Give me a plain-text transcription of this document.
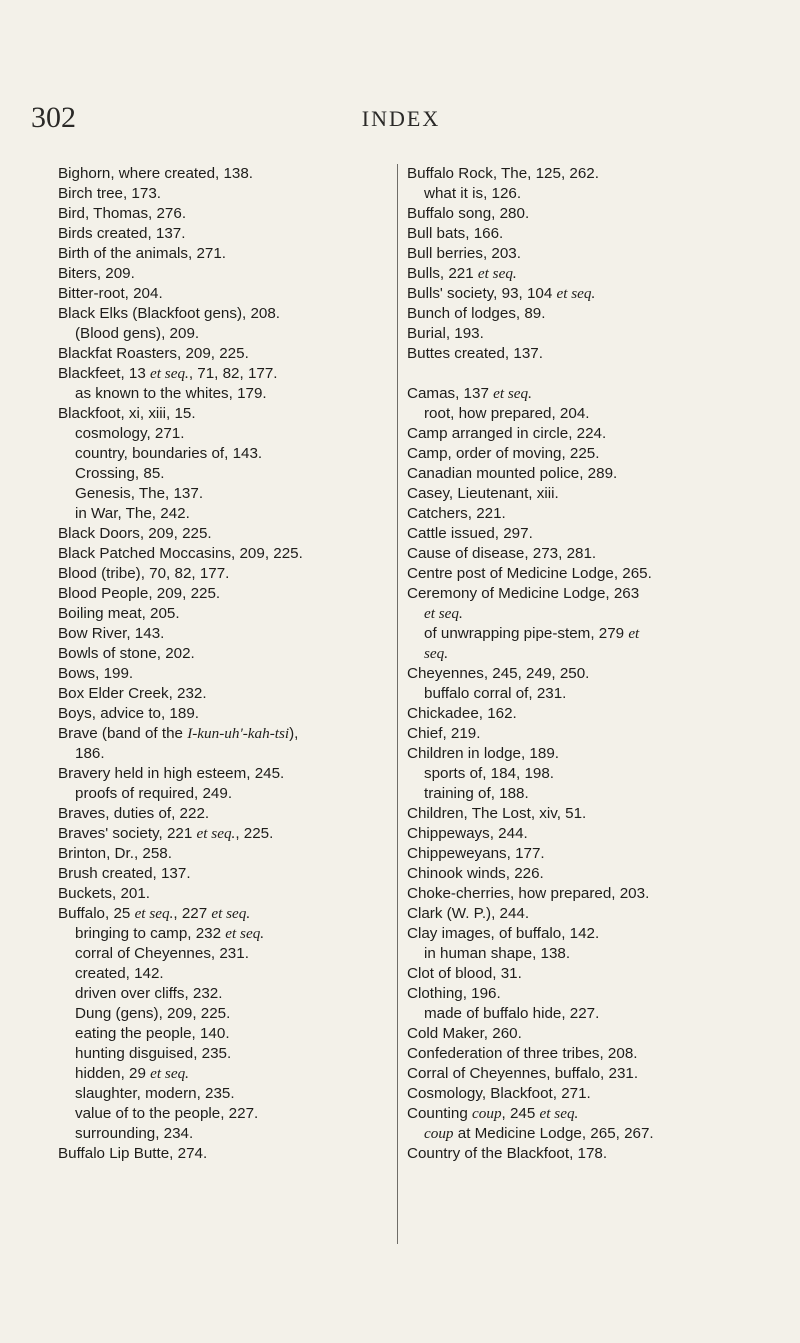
302	INDEX
Bighorn, where created, 138.
Birch tree, 173.
Bird, Thomas, 276.
Birds created, 137.
Birth of the animals, 271.
Biters, 209.
Bitter-root, 204.
Black Elks (Blackfoot gens), 208.
(Blood gens), 209.
Blackfat Roasters, 209, 225.
Blackfeet, 13 et seq., 71, 82, 177.
as known to the whites, 179.
Blackfoot, xi, xiii, 15.
cosmology, 271.
country, boundaries of, 143.
Crossing, 85.
Genesis, The, 137.
in War, The, 242.
Black Doors, 209, 225.
Black Patched Moccasins, 209, 225.
Blood (tribe), 70, 82, 177.
Blood People, 209, 225.
Boiling meat, 205.
Bow River, 143.
Bowls of stone, 202.
Bows, 199.
Box Elder Creek, 232.
Boys, advice to, 189.
Brave (band of the I-kun-uh'-kah-tsi),
186.
Bravery held in high esteem, 245.
proofs of required, 249.
Braves, duties of, 222.
Braves' society, 221 et seq., 225.
Brinton, Dr., 258.
Brush created, 137.
Buckets, 201.
Buffalo, 25 et seq., 227 et seq.
bringing to camp, 232 et seq.
corral of Cheyennes, 231.
created, 142.
driven over cliffs, 232.
Dung (gens), 209, 225.
eating the people, 140.
hunting disguised, 235.
hidden, 29 et seq.
slaughter, modern, 235.
value of to the people, 227.
surrounding, 234.
Buffalo Lip Butte, 274.
Buffalo Rock, The, 125, 262.
what it is, 126.
Buffalo song, 280.
Bull bats, 166.
Bull berries, 203.
Bulls, 221 et seq.
Bulls' society, 93, 104 et seq.
Bunch of lodges, 89.
Burial, 193.
Buttes created, 137.
Camas, 137 et seq.
root, how prepared, 204.
Camp arranged in circle, 224.
Camp, order of moving, 225.
Canadian mounted police, 289.
Casey, Lieutenant, xiii.
Catchers, 221.
Cattle issued, 297.
Cause of disease, 273, 281.
Centre post of Medicine Lodge, 265.
Ceremony of Medicine Lodge, 263
et seq.
of unwrapping pipe-stem, 279 et
seq.
Cheyennes, 245, 249, 250.
buffalo corral of, 231.
Chickadee, 162.
Chief, 219.
Children in lodge, 189.
sports of, 184, 198.
training of, 188.
Children, The Lost, xiv, 51.
Chippeways, 244.
Chippeweyans, 177.
Chinook winds, 226.
Choke-cherries, how prepared, 203.
Clark (W. P.), 244.
Clay images, of buffalo, 142.
in human shape, 138.
Clot of blood, 31.
Clothing, 196.
made of buffalo hide, 227.
Cold Maker, 260.
Confederation of three tribes, 208.
Corral of Cheyennes, buffalo, 231.
Cosmology, Blackfoot, 271.
Counting coup, 245 et seq.
coup at Medicine Lodge, 265, 267.
Country of the Blackfoot, 178.
